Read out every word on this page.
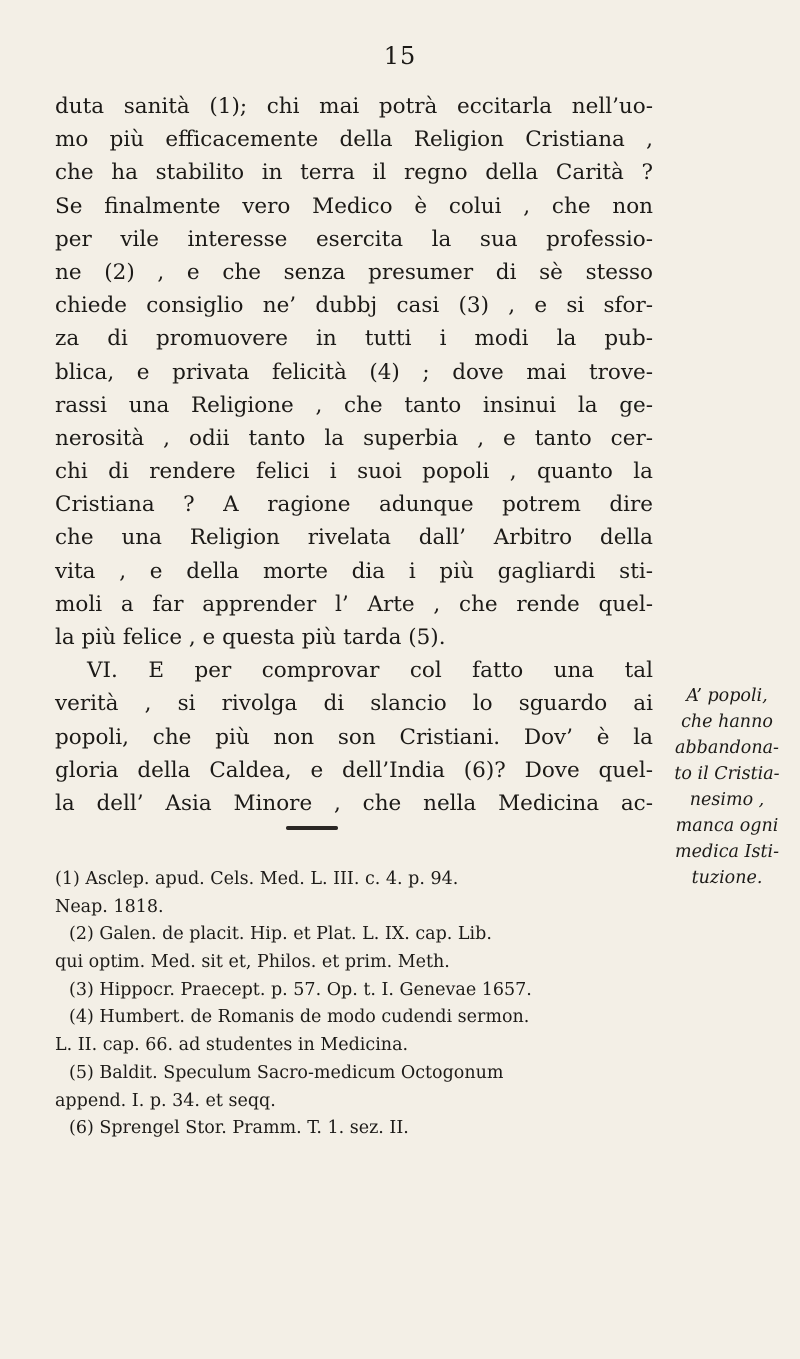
15
duta sanità (1); chi mai potrà eccitarla nell’uo-
mo più efficacemente della Religion Cristiana ,
che ha stabilito in terra il regno della Carità ?
Se finalmente vero Medico è colui , che non
per vile interesse esercita la sua professio-
ne (2) , e che senza presumer di sè stesso
chiede consiglio ne’ dubbj casi (3) , e si sfor-
za di promuovere in tutti i modi la pub-
blica, e privata felicità (4) ; dove mai trove-
rassi una Religione , che tanto insinui la ge-
nerosità , odii tanto la superbia , e tanto cer-
chi di rendere felici i suoi popoli , quanto la
Cristiana ? A ragione adunque potrem dire
che una Religion rivelata dall’ Arbitro della
vita , e della morte dia i più gagliardi sti-
moli a far apprender l’ Arte , che rende quel-
la più felice , e questa più tarda (5).
VI. E per comprovar col fatto una tal
verità , si rivolga di slancio lo sguardo ai
popoli, che più non son Cristiani. Dov’ è la
gloria della Caldea, e dell’India (6)? Dove quel-
la dell’ Asia Minore , che nella Medicina ac-
A’ popoli,
che hanno
abbandona-
to il Cristia-
nesimo ,
manca ogni
medica Isti-
tuzione.
(1) Asclep. apud. Cels. Med. L. III. c. 4. p. 94.
Neap. 1818.
(2) Galen. de placit. Hip. et Plat. L. IX. cap. Lib.
qui optim. Med. sit et, Philos. et prim. Meth.
(3) Hippocr. Praecept. p. 57. Op. t. I. Genevae 1657.
(4) Humbert. de Romanis de modo cudendi sermon.
L. II. cap. 66. ad studentes in Medicina.
(5) Baldit. Speculum Sacro-medicum Octogonum
append. I. p. 34. et seqq.
(6) Sprengel Stor. Pramm. T. 1. sez. II.
